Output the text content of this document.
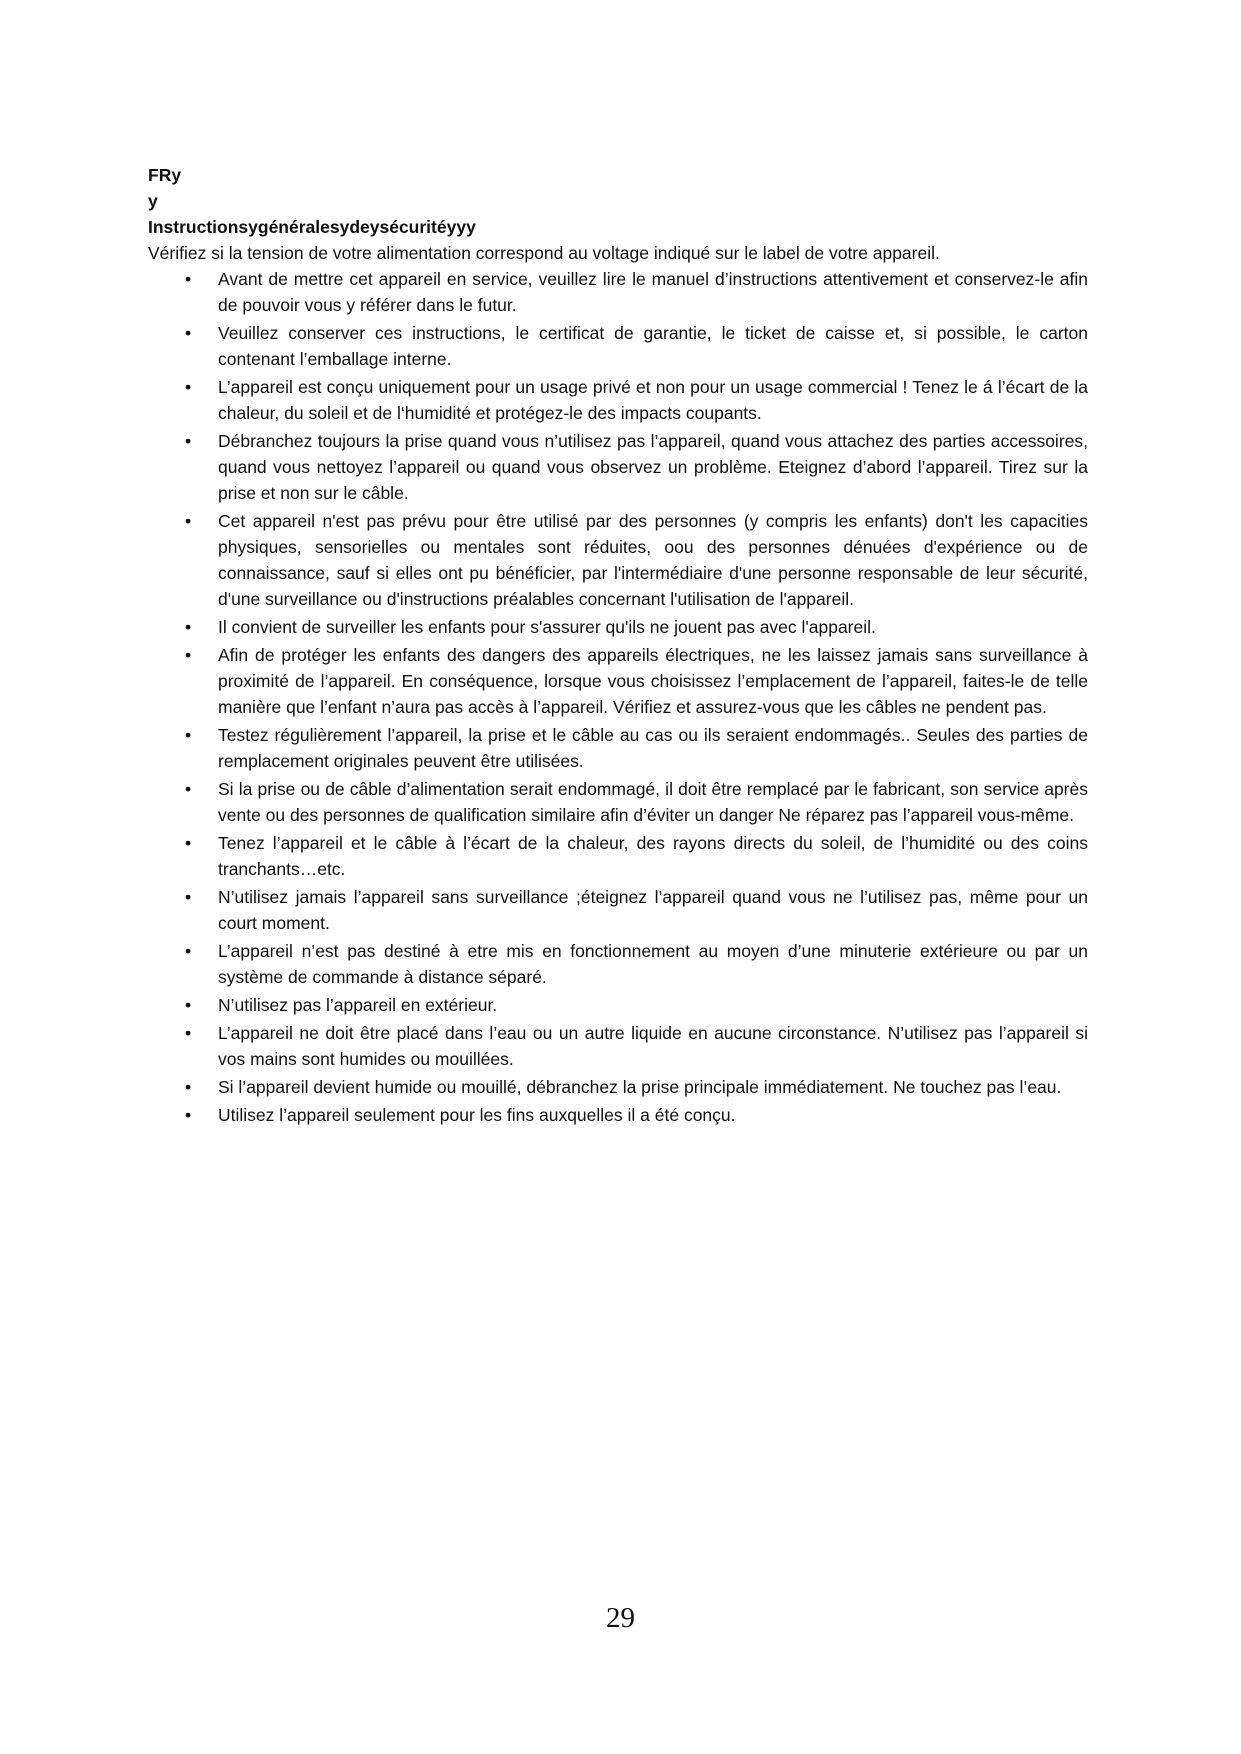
FRy

y

Instructionsygénéralesydeysécuritéyyy

Vérifiez si la tension de votre alimentation correspond au voltage indiqué sur le label de votre appareil.

• Avant de mettre cet appareil en service, veuillez lire le manuel d’instructions attentivement et conservez-le afin de pouvoir vous y référer dans le futur.
• Veuillez conserver ces instructions, le certificat de garantie, le ticket de caisse et, si possible, le carton contenant l’emballage interne.
• L’appareil est conçu uniquement pour un usage privé et non pour un usage commercial ! Tenez le á l’écart de la chaleur, du soleil et de l‘humidité et protégez-le des impacts coupants.
• Débranchez toujours la prise quand vous n’utilisez pas l’appareil, quand vous attachez des parties accessoires, quand vous nettoyez l’appareil ou quand vous observez un problème. Eteignez d’abord l’appareil. Tirez sur la prise et non sur le câble.
• Cet appareil n'est pas prévu pour être utilisé par des personnes (y compris les enfants) don't les capacities physiques, sensorielles ou mentales sont réduites, oou des personnes dénuées d'expérience ou de connaissance, sauf si elles ont pu bénéficier, par l'intermédiaire d'une personne responsable de leur sécurité, d'une surveillance ou d'instructions préalables concernant l'utilisation de l'appareil.
• Il convient de surveiller les enfants pour s'assurer qu'ils ne jouent pas avec l'appareil.
• Afin de protéger les enfants des dangers des appareils électriques, ne les laissez jamais sans surveillance à proximité de l’appareil. En conséquence, lorsque vous choisissez l’emplacement de l’appareil, faites-le de telle manière que l’enfant n’aura pas accès à l’appareil. Vérifiez et assurez-vous que les câbles ne pendent pas.
• Testez régulièrement l’appareil, la prise et le câble au cas ou ils seraient endommagés.. Seules des parties de remplacement originales peuvent être utilisées.
• Si la prise ou de câble d’alimentation serait endommagé, il doit être remplacé par le fabricant, son service après vente ou des personnes de qualification similaire afin d’éviter un danger Ne réparez pas l’appareil vous-même.
• Tenez l’appareil et le câble à l’écart de la chaleur, des rayons directs du soleil, de l’humidité ou des coins tranchants…etc.
• N’utilisez jamais l’appareil sans surveillance ;éteignez l’appareil quand vous ne l’utilisez pas, même pour un court moment.
• L’appareil n’est pas destiné à etre mis en fonctionnement au moyen d’une minuterie extérieure ou par un système de commande à distance séparé.
• N’utilisez pas l’appareil en extérieur.
• L’appareil ne doit être placé dans l’eau ou un autre liquide en aucune circonstance. N’utilisez pas l’appareil si vos mains sont humides ou mouillées.
• Si l’appareil devient humide ou mouillé, débranchez la prise principale immédiatement. Ne touchez pas l’eau.
• Utilisez l’appareil seulement pour les fins auxquelles il a été conçu.
29
